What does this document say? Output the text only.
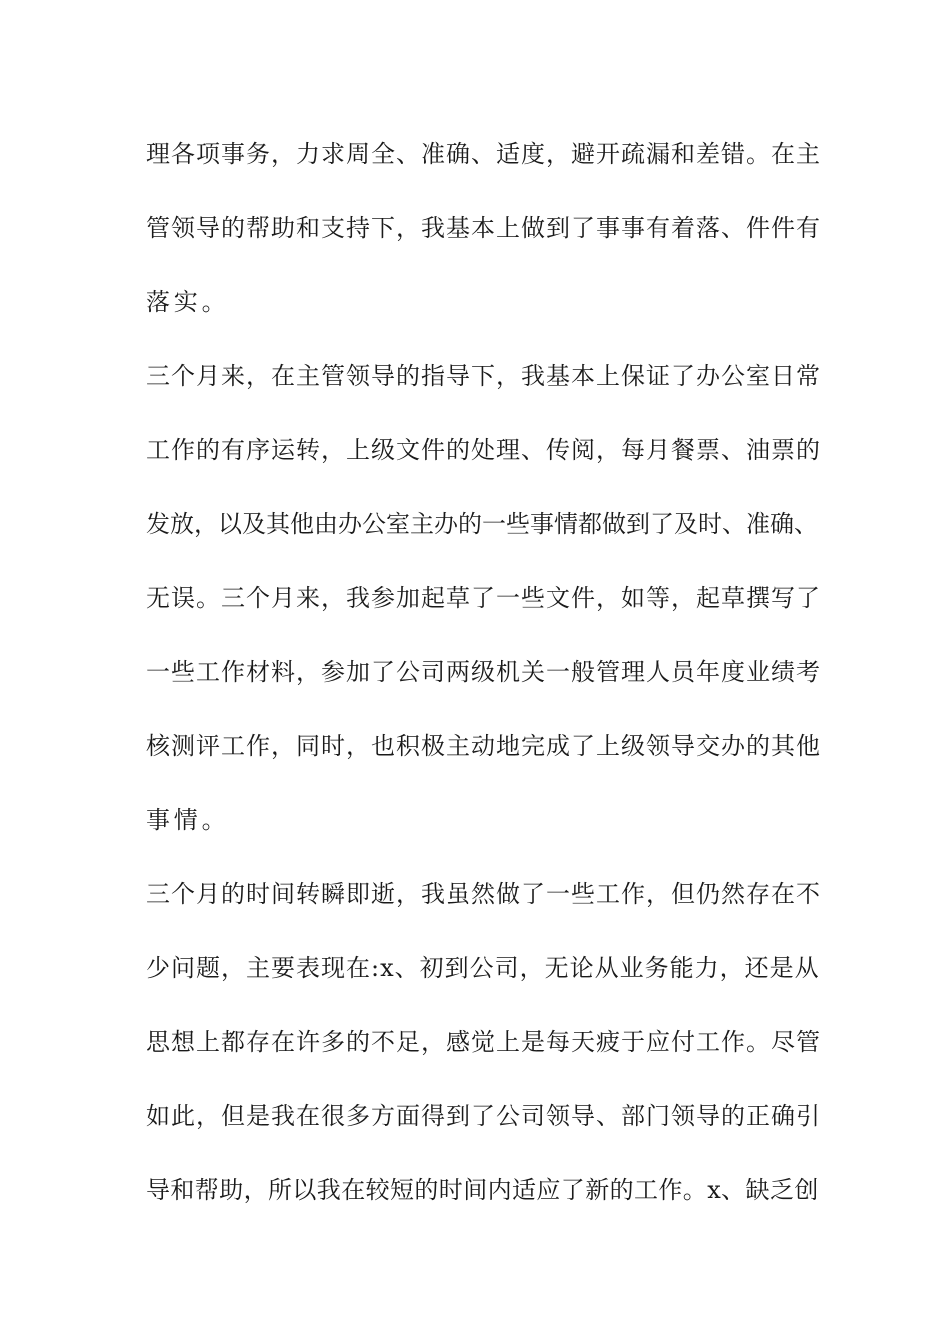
理各项事务，力求周全、准确、适度，避开疏漏和差错。在主
管领导的帮助和支持下，我基本上做到了事事有着落、件件有
落实。
三个月来，在主管领导的指导下，我基本上保证了办公室日常
工作的有序运转，上级文件的处理、传阅，每月餐票、油票的
发放，以及其他由办公室主办的一些事情都做到了及时、准确、
无误。三个月来，我参加起草了一些文件，如等，起草撰写了
一些工作材料，参加了公司两级机关一般管理人员年度业绩考
核测评工作，同时，也积极主动地完成了上级领导交办的其他
事情。
三个月的时间转瞬即逝，我虽然做了一些工作，但仍然存在不
少问题，主要表现在:x、初到公司，无论从业务能力，还是从
思想上都存在许多的不足，感觉上是每天疲于应付工作。尽管
如此，但是我在很多方面得到了公司领导、部门领导的正确引
导和帮助，所以我在较短的时间内适应了新的工作。x、缺乏创
